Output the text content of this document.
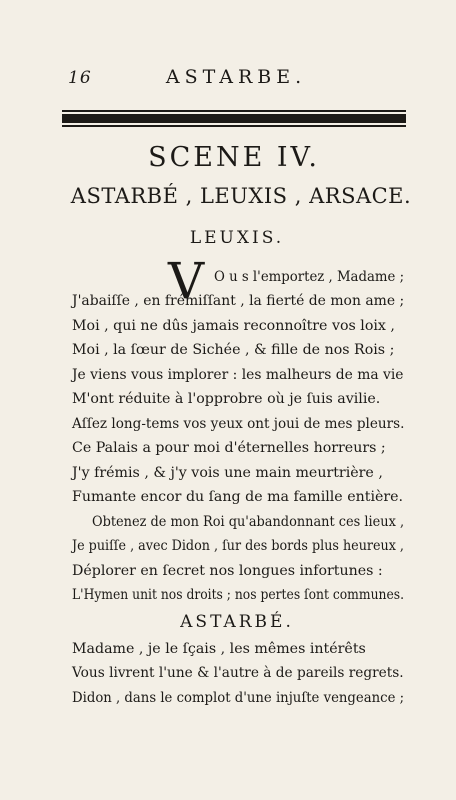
16	ASTARBE.
SCENE IV.
ASTARBÉ , LEUXIS , ARSACE.
LEUXIS.
V O u s l'emportez , Madame ;
J'abaiſſe , en frémiſſant , la fierté de mon ame ;
Moi , qui ne dûs jamais reconnoître vos loix ,
Moi , la ſœur de Sichée , & fille de nos Rois ;
Je viens vous implorer : les malheurs de ma vie
M'ont réduite à l'opprobre où je ſuis avilie.
Aſſez long-tems vos yeux ont joui de mes pleurs.
Ce Palais a pour moi d'éternelles horreurs ;
J'y frémis , & j'y vois une main meurtrière ,
Fumante encor du ſang de ma famille entière.
Obtenez de mon Roi qu'abandonnant ces lieux ,
Je puiſſe , avec Didon , ſur des bords plus heureux ,
Déplorer en ſecret nos longues infortunes :
L'Hymen unit nos droits ; nos pertes ſont communes.
ASTARBÉ.
Madame , je le ſçais , les mêmes intérêts
Vous livrent l'une & l'autre à de pareils regrets.
Didon , dans le complot d'une injuſte vengeance ;
